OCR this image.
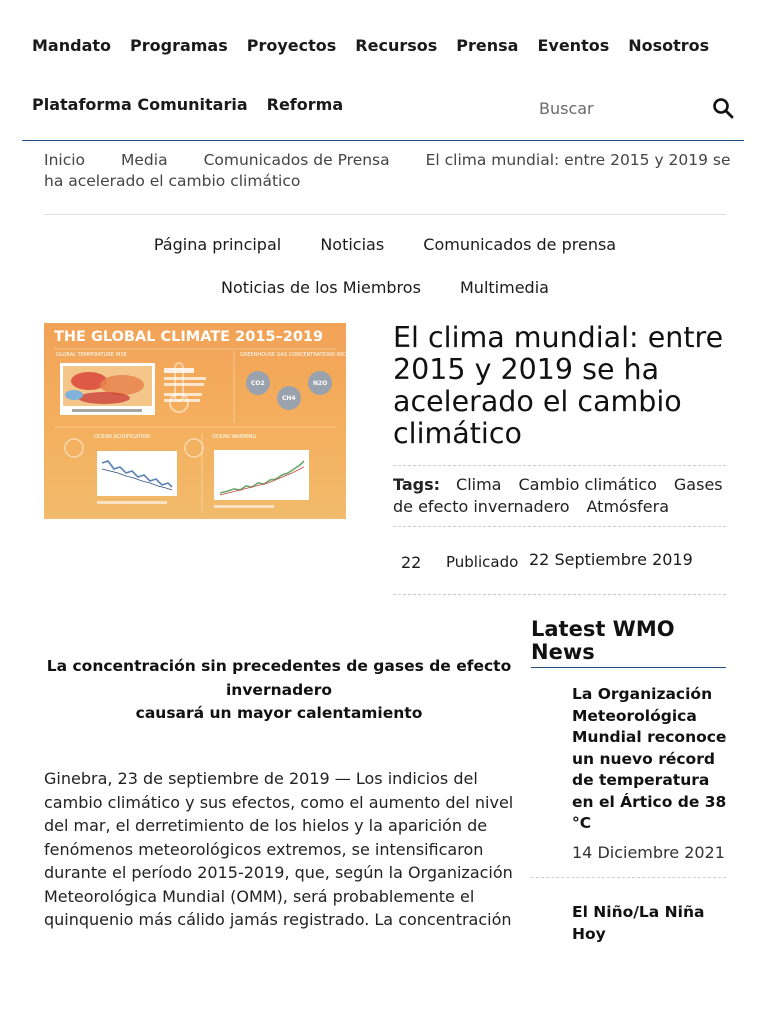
Mandato Programas Proyectos Recursos Prensa Eventos Nosotros
Plataforma Comunitaria Reforma
Buscar
Inicio Media Comunicados de Prensa El clima mundial: entre 2015 y 2019 se ha acelerado el cambio climático
Página principal Noticias Comunicados de prensa
Noticias de los Miembros Multimedia
THE GLOBAL CLIMATE 2015–2019
GLOBAL TEMPERATURE RISE	GREENHOUSE GAS CONCENTRATIONS INCREASE
CO2
CH4
N2O
OCEAN ACIDIFICATION	OCEAN WARMING
El clima mundial: entre 2015 y 2019 se ha acelerado el cambio climático
Tags: Clima Cambio climático Gases de efecto invernadero Atmósfera
22 Publicado 22 Septiembre 2019
La concentración sin precedentes de gases de efecto invernadero
causará un mayor calentamiento

Ginebra, 23 de septiembre de 2019 — Los indicios del cambio climático y sus efectos, como el aumento del nivel del mar, el derretimiento de los hielos y la aparición de fenómenos meteorológicos extremos, se intensificaron durante el período 2015-2019, que, según la Organización Meteorológica Mundial (OMM), será probablemente el quinquenio más cálido jamás registrado. La concentración

Latest WMO News
La Organización Meteorológica Mundial reconoce un nuevo récord de temperatura en el Ártico de 38 °C
14 Diciembre 2021
El Niño/La Niña Hoy
